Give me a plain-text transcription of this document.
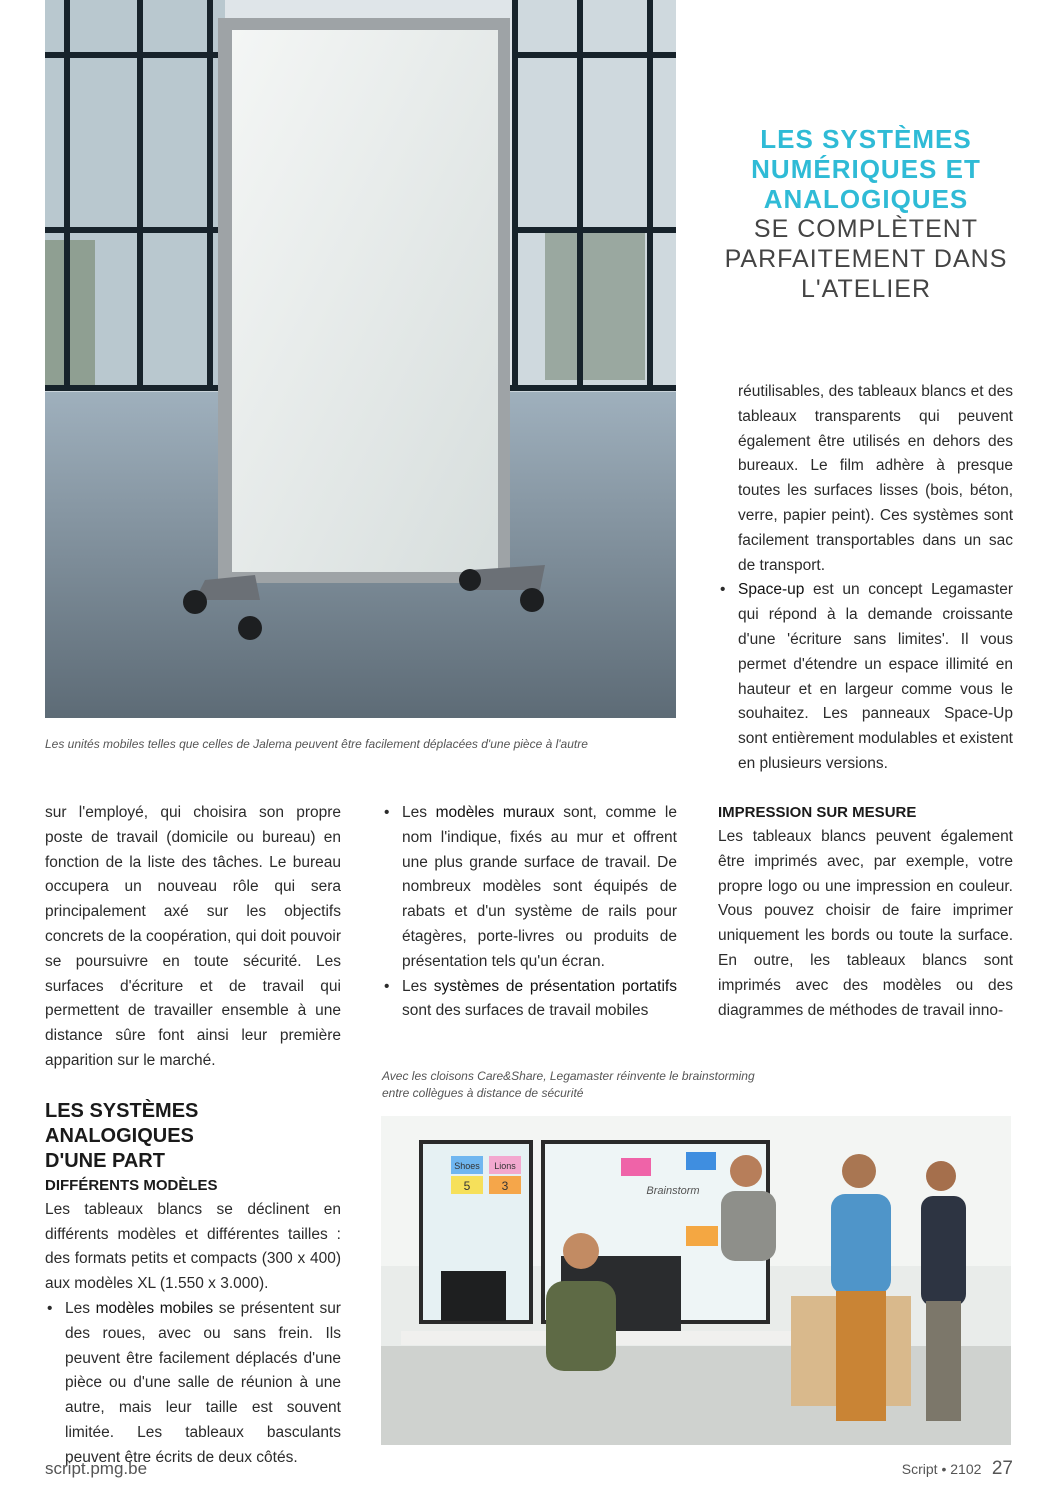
Les unités mobiles telles que celles de Jalema peuvent être facilement déplacées d'une pièce à l'autre
LES SYSTÈMES
NUMÉRIQUES ET
ANALOGIQUES
SE COMPLÈTENT
PARFAITEMENT DANS
L'ATELIER

réutilisables, des tableaux blancs et des tableaux transparents qui peuvent également être utilisés en dehors des bureaux. Le film adhère à presque toutes les surfaces lisses (bois, béton, verre, papier peint). Ces systèmes sont facilement transportables dans un sac de transport.

• Space-up est un concept Legamaster qui répond à la demande croissante d'une 'écriture sans limites'. Il vous permet d'étendre un espace illimité en hauteur et en largeur comme vous le souhaitez. Les panneaux Space-Up sont entièrement modulables et existent en plusieurs versions.

sur l'employé, qui choisira son propre poste de travail (domicile ou bureau) en fonction de la liste des tâches. Le bureau occupera un nouveau rôle qui sera principalement axé sur les objectifs concrets de la coopération, qui doit pouvoir se poursuivre en toute sécurité. Les surfaces d'écriture et de travail qui permettent de travailler ensemble à une distance sûre font ainsi leur première apparition sur le marché.

LES SYSTÈMES ANALOGIQUES
D'UNE PART
DIFFÉRENTS MODÈLES

Les tableaux blancs se déclinent en différents modèles et différentes tailles : des formats petits et compacts (300 x 400) aux modèles XL (1.550 x 3.000).

• Les modèles mobiles se présentent sur des roues, avec ou sans frein. Ils peuvent être facilement déplacés d'une pièce ou d'une salle de réunion à une autre, mais leur taille est souvent limitée. Les tableaux basculants peuvent être écrits de deux côtés.

• Les modèles muraux sont, comme le nom l'indique, fixés au mur et offrent une plus grande surface de travail. De nombreux modèles sont équipés de rabats et d'un système de rails pour étagères, porte-livres ou produits de présentation tels qu'un écran.

• Les systèmes de présentation portatifs sont des surfaces de travail mobiles

IMPRESSION SUR MESURE

Les tableaux blancs peuvent également être imprimés avec, par exemple, votre propre logo ou une impression en couleur. Vous pouvez choisir de faire imprimer uniquement les bords ou toute la surface. En outre, les tableaux blancs sont imprimés avec des modèles ou des diagrammes de méthodes de travail inno-

Avec les cloisons Care&Share, Legamaster réinvente le brainstorming
entre collègues à distance de sécurité
Shoes Lions
5	3	Brainstorm
script.pmg.be	Script • 2102 27
